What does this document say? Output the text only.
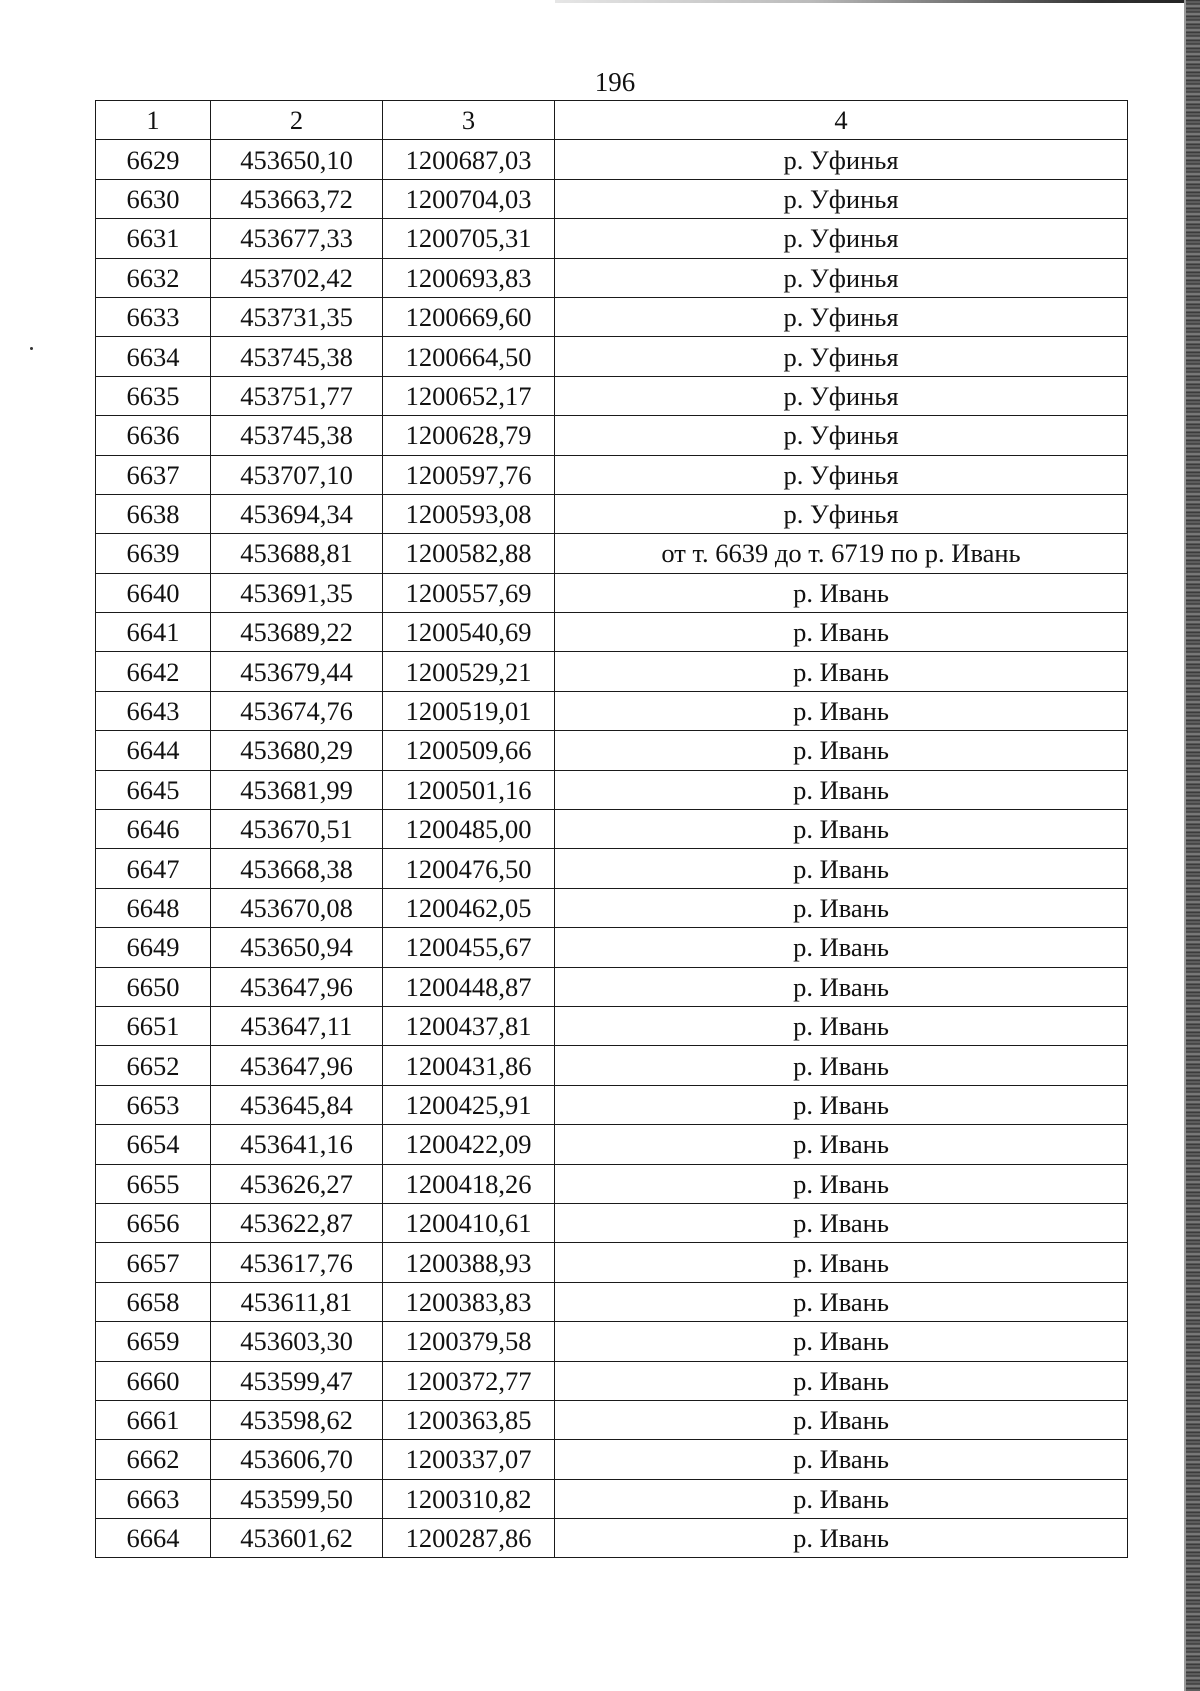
196
1	2	3	4
6629	453650,10	1200687,03	р. Уфинья
6630	453663,72	1200704,03	р. Уфинья
6631	453677,33	1200705,31	р. Уфинья
6632	453702,42	1200693,83	р. Уфинья
6633	453731,35	1200669,60	р. Уфинья
6634	453745,38	1200664,50	р. Уфинья
6635	453751,77	1200652,17	р. Уфинья
6636	453745,38	1200628,79	р. Уфинья
6637	453707,10	1200597,76	р. Уфинья
6638	453694,34	1200593,08	р. Уфинья
6639	453688,81	1200582,88	от т. 6639 до т. 6719 по р. Ивань
6640	453691,35	1200557,69	р. Ивань
6641	453689,22	1200540,69	р. Ивань
6642	453679,44	1200529,21	р. Ивань
6643	453674,76	1200519,01	р. Ивань
6644	453680,29	1200509,66	р. Ивань
6645	453681,99	1200501,16	р. Ивань
6646	453670,51	1200485,00	р. Ивань
6647	453668,38	1200476,50	р. Ивань
6648	453670,08	1200462,05	р. Ивань
6649	453650,94	1200455,67	р. Ивань
6650	453647,96	1200448,87	р. Ивань
6651	453647,11	1200437,81	р. Ивань
6652	453647,96	1200431,86	р. Ивань
6653	453645,84	1200425,91	р. Ивань
6654	453641,16	1200422,09	р. Ивань
6655	453626,27	1200418,26	р. Ивань
6656	453622,87	1200410,61	р. Ивань
6657	453617,76	1200388,93	р. Ивань
6658	453611,81	1200383,83	р. Ивань
6659	453603,30	1200379,58	р. Ивань
6660	453599,47	1200372,77	р. Ивань
6661	453598,62	1200363,85	р. Ивань
6662	453606,70	1200337,07	р. Ивань
6663	453599,50	1200310,82	р. Ивань
6664	453601,62	1200287,86	р. Ивань
